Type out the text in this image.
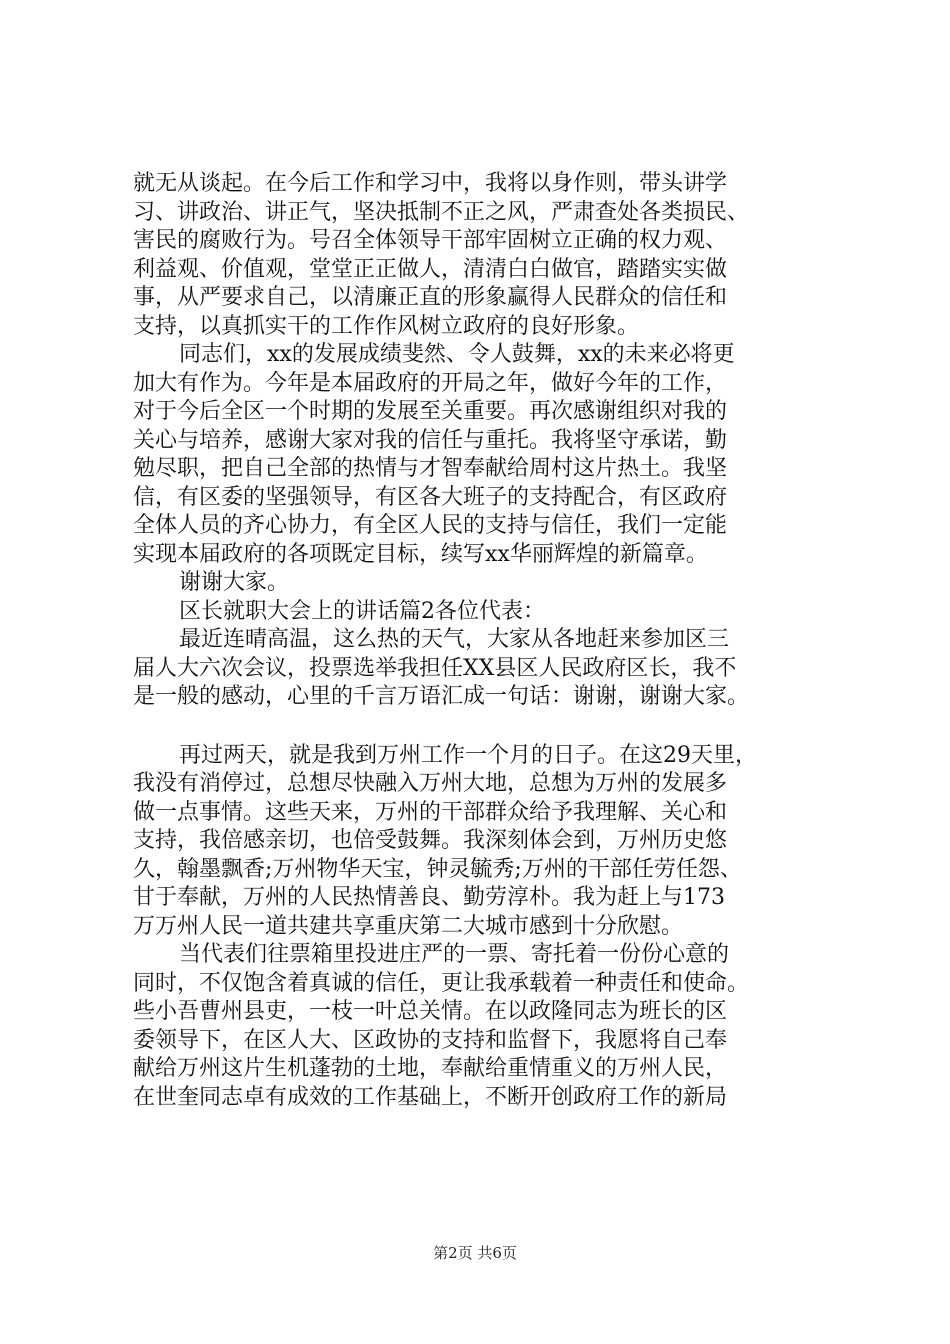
就无从谈起。在今后工作和学习中，我将以身作则，带头讲学
习、讲政治、讲正气，坚决抵制不正之风，严肃查处各类损民、
害民的腐败行为。号召全体领导干部牢固树立正确的权力观、
利益观、价值观，堂堂正正做人，清清白白做官，踏踏实实做
事，从严要求自己，以清廉正直的形象赢得人民群众的信任和
支持，以真抓实干的工作作风树立政府的良好形象。
同志们，xx的发展成绩斐然、令人鼓舞，xx的未来必将更
加大有作为。今年是本届政府的开局之年，做好今年的工作，
对于今后全区一个时期的发展至关重要。再次感谢组织对我的
关心与培养，感谢大家对我的信任与重托。我将坚守承诺，勤
勉尽职，把自己全部的热情与才智奉献给周村这片热土。我坚
信，有区委的坚强领导，有区各大班子的支持配合，有区政府
全体人员的齐心协力，有全区人民的支持与信任，我们一定能
实现本届政府的各项既定目标，续写xx华丽辉煌的新篇章。
谢谢大家。
区长就职大会上的讲话篇2各位代表：
最近连晴高温，这么热的天气，大家从各地赶来参加区三
届人大六次会议，投票选举我担任XX县区人民政府区长，我不
是一般的感动，心里的千言万语汇成一句话：谢谢，谢谢大家。
再过两天，就是我到万州工作一个月的日子。在这29天里，
我没有消停过，总想尽快融入万州大地，总想为万州的发展多
做一点事情。这些天来，万州的干部群众给予我理解、关心和
支持，我倍感亲切，也倍受鼓舞。我深刻体会到，万州历史悠
久，翰墨飘香;万州物华天宝，钟灵毓秀;万州的干部任劳任怨、
甘于奉献，万州的人民热情善良、勤劳淳朴。我为赶上与173
万万州人民一道共建共享重庆第二大城市感到十分欣慰。
当代表们往票箱里投进庄严的一票、寄托着一份份心意的
同时，不仅饱含着真诚的信任，更让我承载着一种责任和使命。
些小吾曹州县吏，一枝一叶总关情。在以政隆同志为班长的区
委领导下，在区人大、区政协的支持和监督下，我愿将自己奉
献给万州这片生机蓬勃的土地，奉献给重情重义的万州人民，
在世奎同志卓有成效的工作基础上，不断开创政府工作的新局
第2页 共6页
